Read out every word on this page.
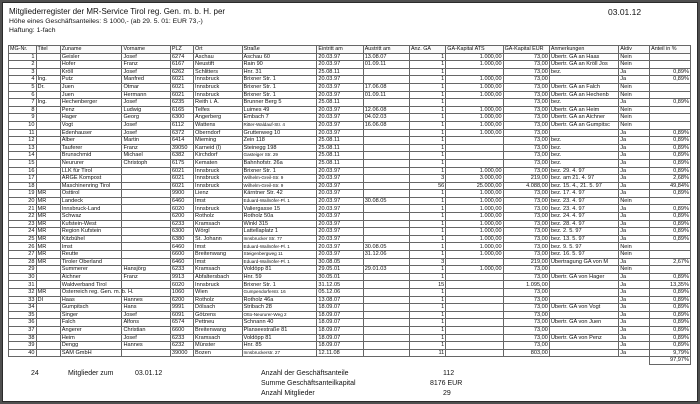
Mitgliederregister der MR-Service Tirol reg. Gen. m. b. H. per	03.01.12
Höhe eines Geschäftsanteiles: S 1000,- (ab 29. 5. 01: EUR 73,-)
Haftung: 1-fach
MG-Nr.	Titel	Zuname	Vorname	PLZ	Ort	Straße	Eintritt am	Austritt am	Anz. GA	GA-Kapital ATS	GA-Kapital EUR	Anmerkungen	Aktiv	Anteil in %
1		Geisler	Josef	6274	Aschau	Aschau 60	20.03.97	13.08.07	1	1.000,00	73,00	Übertr. GA an Haas	Nein	
2		Hofer	Franz	6167	Neustift	Rain 90	20.03.97	01.09.11	1	1.000,00	73,00	Übertr. GA an Kröll Jos	Nein	
3		Kröll	Josef	6262	Schlitters	Hnr. 31	25.08.11		1		73,00	bez.	Ja	0,89%
4	Ing.	Putz	Manfred	6021	Innsbruck	Brixner Str. 1	20.03.97		1	1.000,00	73,00		Ja	0,89%
5	Dr.	Juen	Otmar	6021	Innsbruck	Brixner Str. 1	20.03.97	17.06.08	1	1.000,00	73,00	Übertr. GA an Falch	Nein	
6		Juen	Hermann	6021	Innsbruck	Brixner Str. 1	20.03.97	01.09.11	1	1.000,00	73,00	Übertr. GA an Hechenb	Nein	
7	Ing.	Hechenberger	Josef	6235	Reith i. A.	Brunner Berg 5	25.08.11		1		73,00	bez.	Ja	0,89%
8		Penz	Ludwig	6165	Telfes	Luimes 49	20.03.97	12.06.08	1	1.000,00	73,00	Übertr. GA an Heim	Nein	
9		Hager	Georg	6300	Angerberg	Embach 7	20.03.97	04.02.03	1	1.000,00	73,00	Übertr. GA an Aichner	Nein	
10		Vogt	Josef	6112	Wattens	Ritter-Waldauf-Str. 4	20.03.97	16.06.08	1	1.000,00	73,00	Übertr. GA an Gumpitsc	Nein	
11		Edenhauser	Josef	6372	Oberndorf	Gruttenweg 10	20.03.97		1	1.000,00	73,00		Ja	0,89%
12		Alber	Martin	6414	Mieming	Zein 118	25.08.11		1		73,00	bez.	Ja	0,89%
13		Tauferer	Franz	39050	Karneid (I)	Steinegg 198	25.08.11		1		73,00	bez.	Ja	0,89%
14		Brunschmid	Michael	6382	Kirchdorf	Gasteiger Str. 29	25.08.11		1		73,00	bez.	Ja	0,89%
15		Neururer	Christoph	6175	Kematen	Bahnhofstr. 26a	25.08.11		1		73,00	bez.	Ja	0,89%
16		LLK für Tirol		6021	Innsbruck	Brixner Str. 1	20.03.97		1	1.000,00	73,00	bez. 29. 4. 97	Ja	0,89%
17		ARGE Kompost		6021	Innsbruck	Wilhelm-Greil-Str. 9	20.03.97		3	3.000,00	219,00	bez. am 21. 4. 97	Ja	2,68%
18		Maschinenring Tirol		6021	Innsbruck	Wilhelm-Greil-Str. 9	20.03.97		56	25.000,00	4.088,00	bez. 15. 4., 21. 5. 97	Ja	49,84%
19	MR	Osttirol		9900	Lienz	Kärntner Str. 42	20.03.97		1	1.000,00	73,00	bez. 17. 4. 97	Ja	0,89%
20	MR	Landeck		6460	Imst	Eduard-Wallnöfer-Pl. 1	20.03.97	30.08.05	1	1.000,00	73,00	bez. 23. 4. 97	Nein	
21	MR	Innsbruck-Land		6020	Innsbruck	Valiergasse 15	20.03.97		1	1.000,00	73,00	bez. 23. 4. 97	Ja	0,89%
22	MR	Schwaz		6200	Rotholz	Rotholz 50a	20.03.97		1	1.000,00	73,00	bez. 24. 4. 97	Ja	0,89%
23	MR	Kufstein-West		6233	Kramsach	Winkl 315	20.03.97		1	1.000,00	73,00	bez. 28. 4. 97	Ja	0,89%
24	MR	Region Kufstein		6300	Wörgl	Lattellaplatz 1	20.03.97		1	1.000,00	73,00	bez. 2. 5. 97	Ja	0,89%
25	MR	Kitzbühel		6380	St. Johann	Innsbrucker Str. 77	20.03.97		1	1.000,00	73,00	bez. 13. 5. 97	Ja	0,89%
26	MR	Imst		6460	Imst	Eduard-Wallnöfer-Pl. 1	20.03.97	30.08.05	1	1.000,00	73,00	bez. 9. 5. 97	Nein	
27	MR	Reutte		6600	Breitenwang	Steigenbergweg 11	20.03.97	31.12.06	1	1.000,00	73,00	bez. 16. 5. 97	Nein	
28	MR	Tiroler Oberland		6460	Imst	Eduard-Wallnöfer-Pl. 1	30.08.05		3		219,00	Übertragung GA von M	Ja	2,67%
29		Summerer	Hansjörg	6233	Kramsach	Voldöpp 81	29.05.01	29.01.03	1	1.000,00	73,00		Nein	
30		Aichner	Franz	9913	Abfaltersbach	Hnr. 59	30.05.01		1		73,00	Übertr. GA von Hager	Ja	0,89%
31		Waldverband Tirol		6020	Innsbruck	Brixner Str. 1	31.12.05		15		1.095,00		Ja	13,35%
32	MR	Österreich reg. Gen. m. b. H.		1060	Wien	Gumpendorferstr. 16	05.12.06		1		73,00		Ja	0,89%
33	DI	Haas	Hannes	6200	Rotholz	Rotholz 46a	13.08.07		1		73,00		Ja	0,89%
34		Gumpitsch	Hans	9991	Dölsach	Stribach 28	18.09.07		1		73,00	Übertr. GA von Vogt	Ja	0,89%
35		Singer	Josef	6091	Götzens	Otto-Neururer-Weg 2	18.09.07		1		73,00		Ja	0,89%
36		Falch	Alfons	6574	Pettneu	Schnann 40	18.09.07		1		73,00	Übertr. GA von Juen	Ja	0,89%
37		Angerer	Christian	6600	Breitenwang	Planseestraße 81	18.09.07		1		73,00		Ja	0,89%
38		Heim	Josef	6233	Kramsach	Voldöpp 81	18.09.07		1		73,00	Übertr. GA von Penz	Ja	0,89%
39		Dengg	Hannes	6232	Münster	Hnr. 85	18.09.07		1		73,00		Ja	0,89%
40		SAM GmbH		39000	Bozen	Innsbruckerstr. 27	12.11.08		11		803,00		Ja	9,79%
														97,97%
24	Mitglieder zum	03.01.12	Anzahl der Geschäftsanteile	112
Summe Geschäftsanteilkapital	8176 EUR
Anzahl Mitglieder	29
